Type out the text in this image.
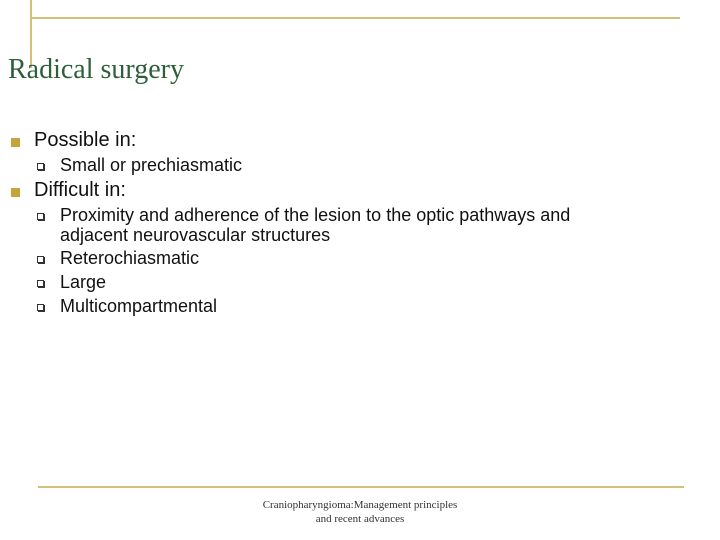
Radical surgery
Possible in:
Small or prechiasmatic
Difficult in:
Proximity and adherence of the lesion to the optic pathways and
adjacent neurovascular structures
Reterochiasmatic
Large
Multicompartmental
Craniopharyngioma:Management principles
and recent advances
